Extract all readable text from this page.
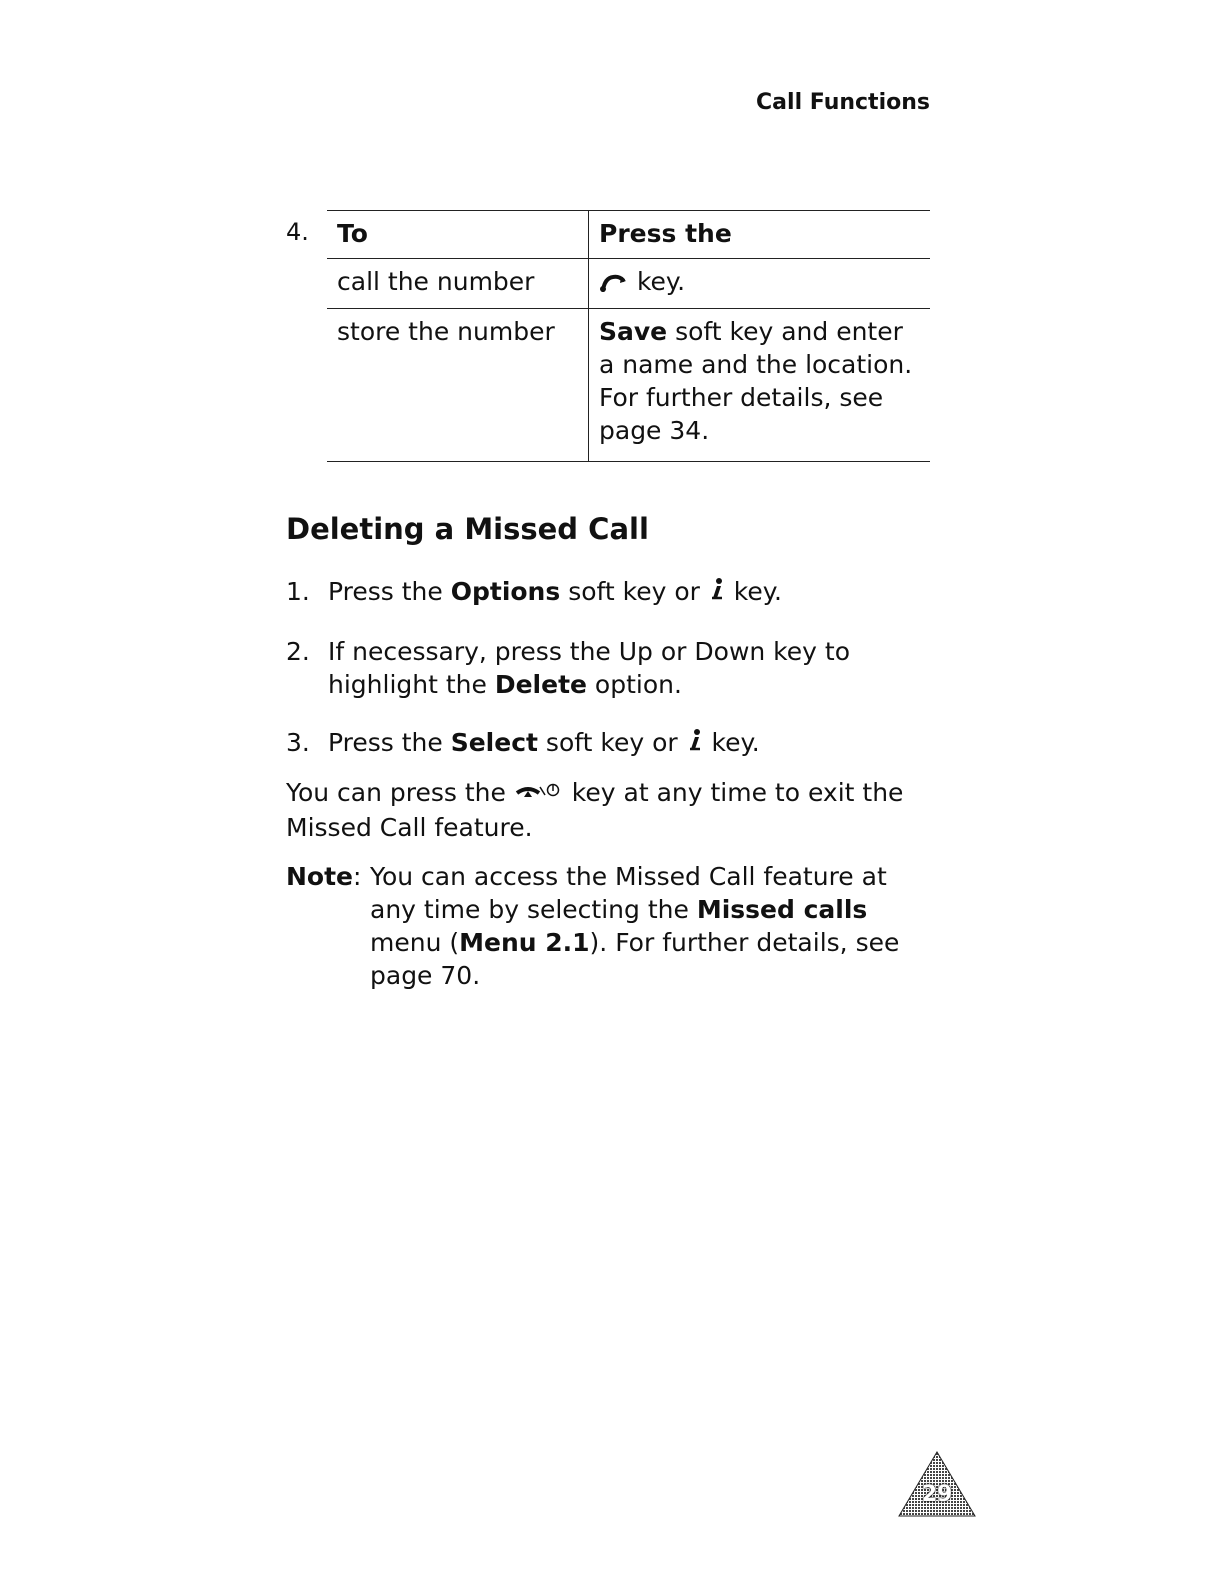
Call Functions
4. To	Press the
call the number	key.
store the number	Save soft key and enter a name and the location. For further details, see page 34.
Deleting a Missed Call
1. Press the Options soft key or  key.
2. If necessary, press the Up or Down key to highlight the Delete option.
3. Press the Select soft key or  key.

You can press the  key at any time to exit the Missed Call feature.

Note: You can access the Missed Call feature at any time by selecting the Missed calls menu (Menu 2.1). For further details, see page 70.
29
